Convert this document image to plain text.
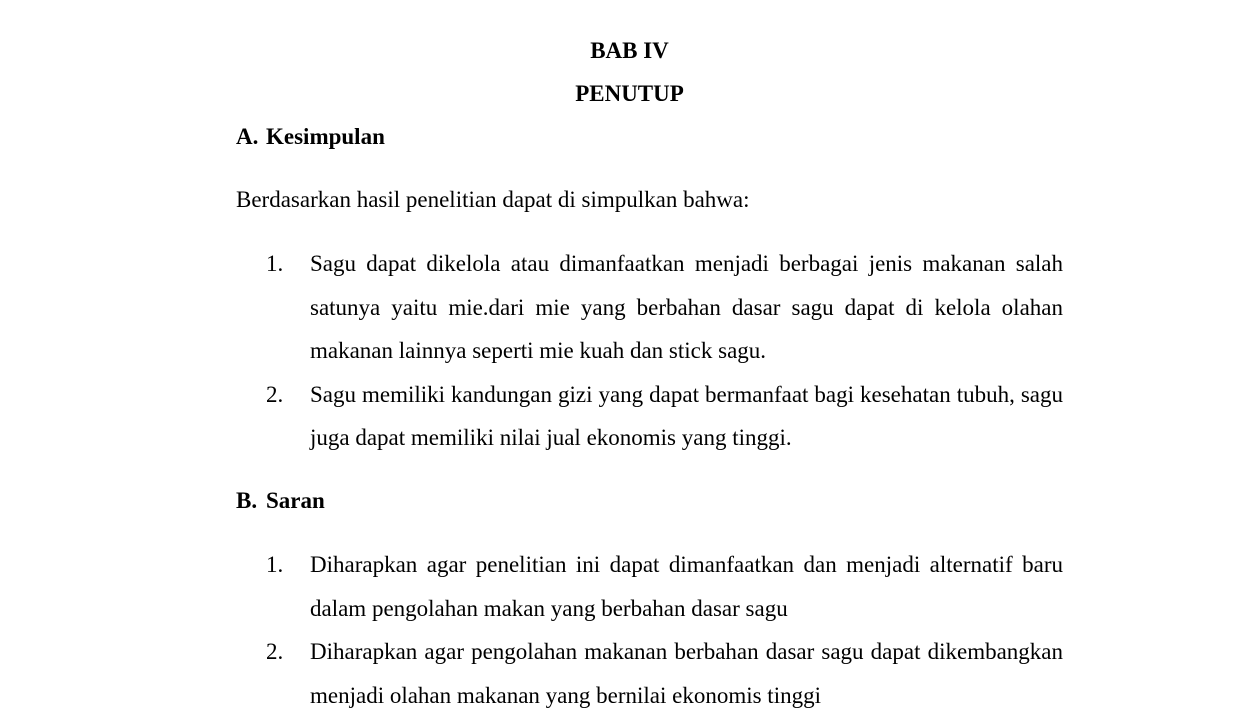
BAB IV
PENUTUP
A. Kesimpulan

Berdasarkan hasil penelitian dapat di simpulkan bahwa:

1. Sagu dapat dikelola atau dimanfaatkan menjadi berbagai jenis makanan salah satunya yaitu mie.dari mie yang berbahan dasar sagu dapat di kelola olahan makanan lainnya seperti mie kuah dan stick sagu.
2. Sagu memiliki kandungan gizi yang dapat bermanfaat bagi kesehatan tubuh, sagu juga dapat memiliki nilai jual ekonomis yang tinggi.
B. Saran
1. Diharapkan agar penelitian ini dapat dimanfaatkan dan menjadi alternatif baru dalam pengolahan makan yang berbahan dasar sagu
2. Diharapkan agar pengolahan makanan berbahan dasar sagu dapat dikembangkan menjadi olahan makanan yang bernilai ekonomis tinggi
